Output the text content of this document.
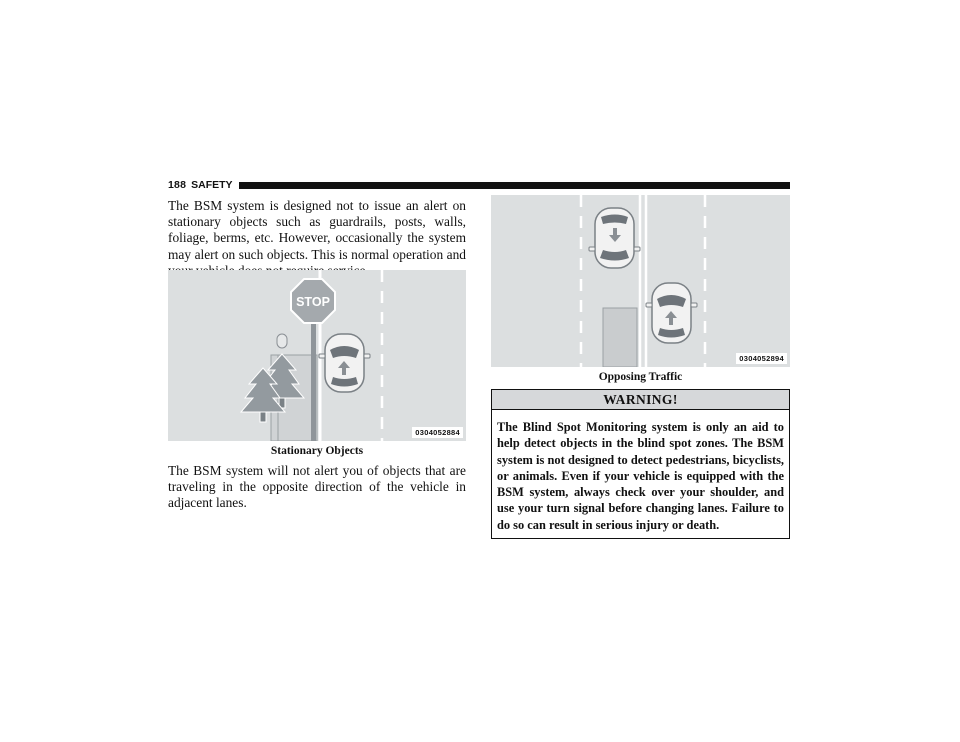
188 SAFETY

The BSM system is designed not to issue an alert on stationary objects such as guardrails, posts, walls, foliage, berms, etc. However, occasionally the system may alert on such objects. This is normal operation and

STOP
0304052884
Stationary Objects

The BSM system will not alert you of objects that are traveling in the opposite direction of the vehicle in adjacent lanes.

0304052894
Opposing Traffic
WARNING!
The Blind Spot Monitoring system is only an aid to help detect objects in the blind spot zones. The BSM system is not designed to detect pedestrians, bicyclists, or animals. Even if your vehicle is equipped with the BSM system, always check over your shoulder, and use your turn signal before changing lanes. Failure to do so can result in serious injury or death.
